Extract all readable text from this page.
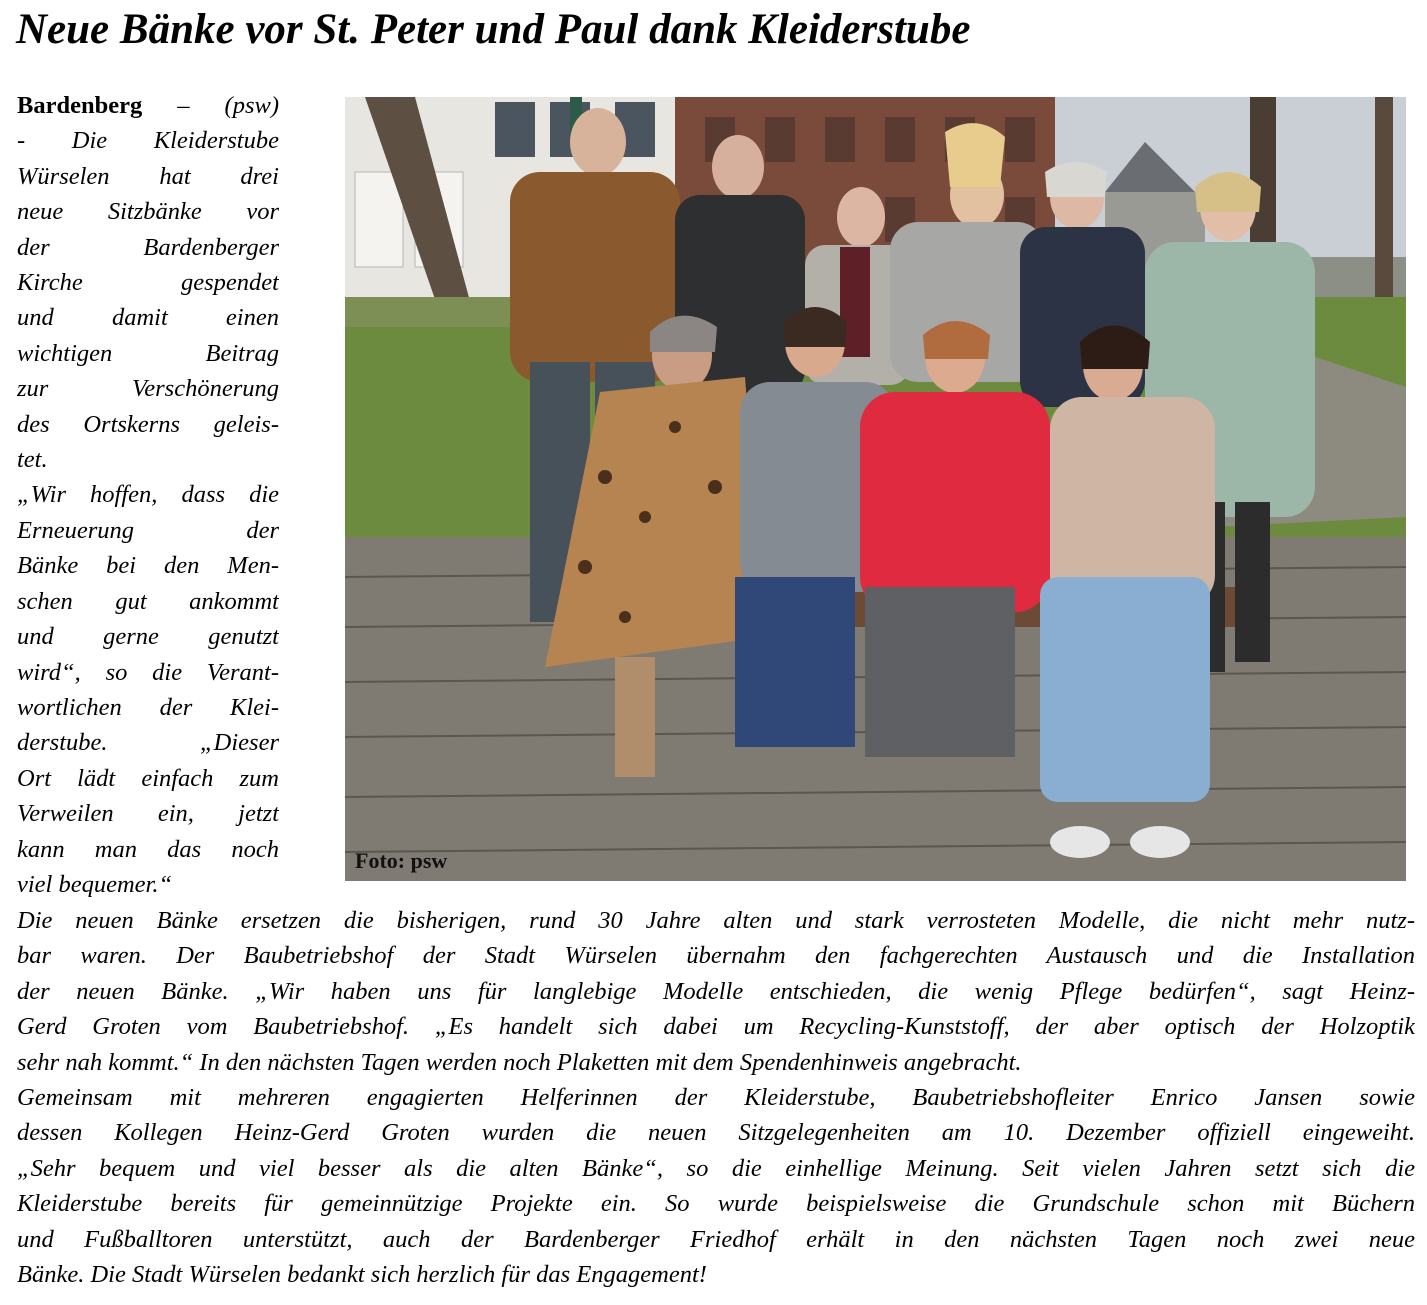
Neue Bänke vor St. Peter und Paul dank Kleiderstube
Bardenberg – (psw)
- Die Kleiderstube
Würselen hat drei
neue Sitzbänke vor
der Bardenberger
Kirche gespendet
und damit einen
wichtigen Beitrag
zur Verschönerung
des Ortskerns geleis-
tet.
„Wir hoffen, dass die
Erneuerung der
Bänke bei den Men-
schen gut ankommt
und gerne genutzt
wird“, so die Verant-
wortlichen der Klei-
derstube. „Dieser
Ort lädt einfach zum
Verweilen ein, jetzt
kann man das noch
viel bequemer.“
Foto: psw
Die neuen Bänke ersetzen die bisherigen, rund 30 Jahre alten und stark verrosteten Modelle, die nicht mehr nutz-
bar waren. Der Baubetriebshof der Stadt Würselen übernahm den fachgerechten Austausch und die Installation
der neuen Bänke. „Wir haben uns für langlebige Modelle entschieden, die wenig Pflege bedürfen“, sagt Heinz-
Gerd Groten vom Baubetriebshof. „Es handelt sich dabei um Recycling-Kunststoff, der aber optisch der Holzoptik
sehr nah kommt.“ In den nächsten Tagen werden noch Plaketten mit dem Spendenhinweis angebracht.
Gemeinsam mit mehreren engagierten Helferinnen der Kleiderstube, Baubetriebshofleiter Enrico Jansen sowie
dessen Kollegen Heinz-Gerd Groten wurden die neuen Sitzgelegenheiten am 10. Dezember offiziell eingeweiht.
„Sehr bequem und viel besser als die alten Bänke“, so die einhellige Meinung. Seit vielen Jahren setzt sich die
Kleiderstube bereits für gemeinnützige Projekte ein. So wurde beispielsweise die Grundschule schon mit Büchern
und Fußballtoren unterstützt, auch der Bardenberger Friedhof erhält in den nächsten Tagen noch zwei neue
Bänke. Die Stadt Würselen bedankt sich herzlich für das Engagement!
